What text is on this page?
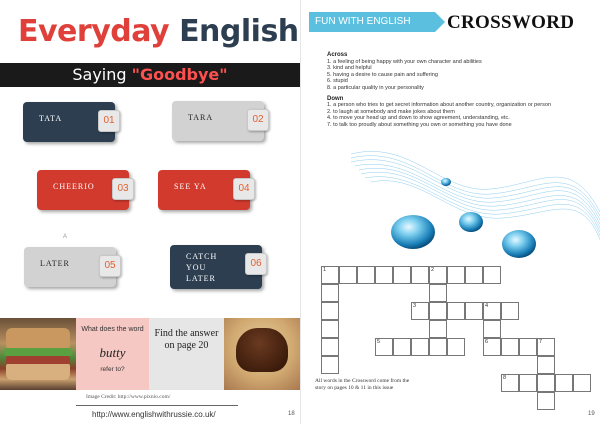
Everyday English
Saying "Goodbye"
TATA	01	TARA	02
CHEERIO	03	SEE YA	04
LATER	05
CATCH
YOU
LATER
06
A
What does the word
butty
refer to?
Find the answer on page 20
Image Credit: http://www.pixnio.com/
http://www.englishwithrussie.co.uk/	18
FUN WITH ENGLISH	CROSSWORD
Across
1. a feeling of being happy with your own character and abilities
3. kind and helpful
5. having a desire to cause pain and suffering
6. stupid
8. a particular quality in your personality
Down
1. a person who tries to get secret information about another country, organization or person
2. to laugh at somebody and make jokes about them
4. to move your head up and down to show agreement, understanding, etc.
7. to talk too proudly about something you own or something you have done
1	2
3	4
5	6	7
8
All words in the Crossword come from the story on pages 10 & 11 in this issue
19
